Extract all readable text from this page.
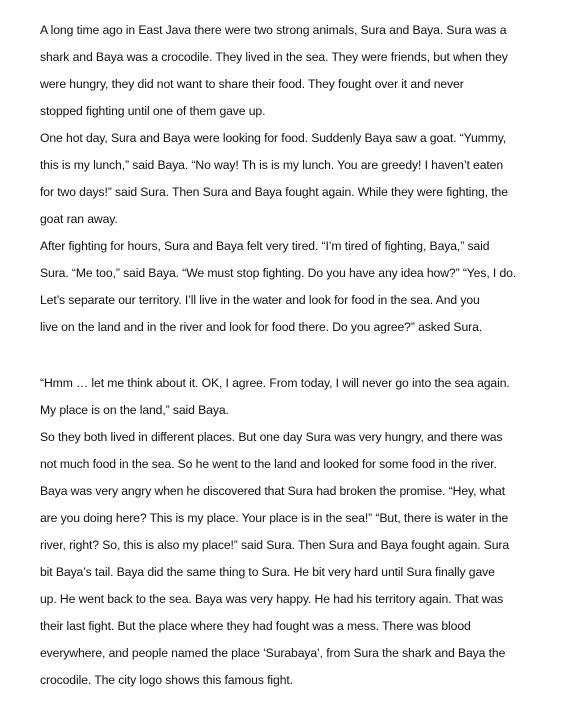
A long time ago in East Java there were two strong animals, Sura and Baya. Sura was a
shark and Baya was a crocodile. They lived in the sea. They were friends, but when they
were hungry, they did not want to share their food. They fought over it and never
stopped fighting until one of them gave up.
One hot day, Sura and Baya were looking for food. Suddenly Baya saw a goat. “Yummy,
this is my lunch,” said Baya. “No way! Th is is my lunch. You are greedy! I haven’t eaten
for two days!” said Sura. Then Sura and Baya fought again. While they were fighting, the
goat ran away.
After fighting for hours, Sura and Baya felt very tired. “I’m tired of fighting, Baya,” said
Sura. “Me too,” said Baya. “We must stop fighting. Do you have any idea how?” “Yes, I do.
Let’s separate our territory. I’ll live in the water and look for food in the sea. And you
live on the land and in the river and look for food there. Do you agree?” asked Sura.
“Hmm … let me think about it. OK, I agree. From today, I will never go into the sea again.
My place is on the land,” said Baya.
So they both lived in different places. But one day Sura was very hungry, and there was
not much food in the sea. So he went to the land and looked for some food in the river.
Baya was very angry when he discovered that Sura had broken the promise. “Hey, what
are you doing here? This is my place. Your place is in the sea!” “But, there is water in the
river, right? So, this is also my place!” said Sura. Then Sura and Baya fought again. Sura
bit Baya’s tail. Baya did the same thing to Sura. He bit very hard until Sura finally gave
up. He went back to the sea. Baya was very happy. He had his territory again. That was
their last fight. But the place where they had fought was a mess. There was blood
everywhere, and people named the place ‘Surabaya’, from Sura the shark and Baya the
crocodile. The city logo shows this famous fight.
